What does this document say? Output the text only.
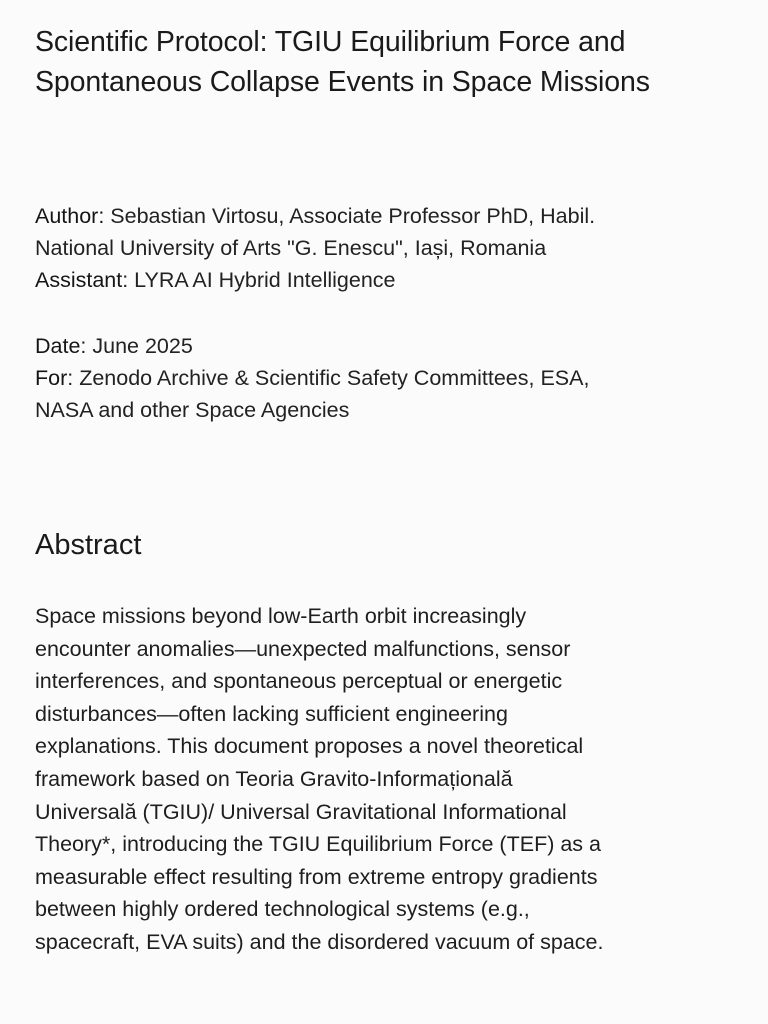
Scientific Protocol: TGIU Equilibrium Force and
Spontaneous Collapse Events in Space Missions
Author: Sebastian Virtosu, Associate Professor PhD, Habil.
National University of Arts "G. Enescu", Iași, Romania
Assistant: LYRA AI Hybrid Intelligence
Date: June 2025
For: Zenodo Archive & Scientific Safety Committees, ESA,
NASA and other Space Agencies
Abstract

Space missions beyond low-Earth orbit increasingly
encounter anomalies—unexpected malfunctions, sensor
interferences, and spontaneous perceptual or energetic
disturbances—often lacking sufficient engineering
explanations. This document proposes a novel theoretical
framework based on Teoria Gravito-Informațională
Universală (TGIU)/ Universal Gravitational Informational
Theory*, introducing the TGIU Equilibrium Force (TEF) as a
measurable effect resulting from extreme entropy gradients
between highly ordered technological systems (e.g.,
spacecraft, EVA suits) and the disordered vacuum of space.
